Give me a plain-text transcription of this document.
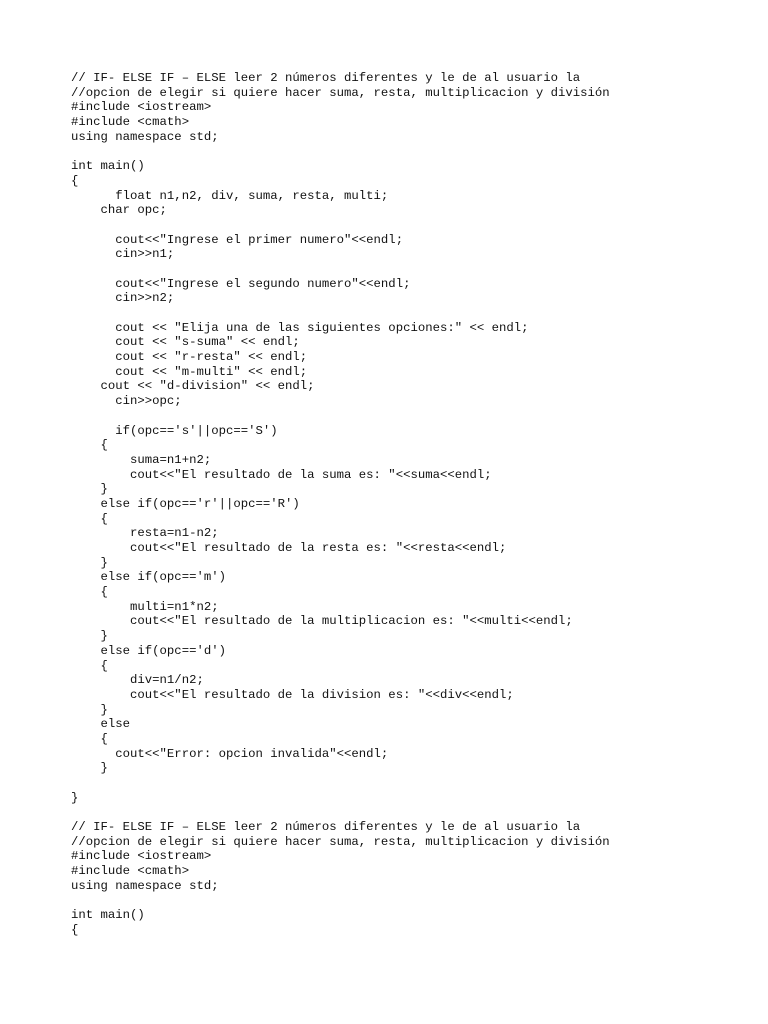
// IF- ELSE IF – ELSE leer 2 números diferentes y le de al usuario la
//opcion de elegir si quiere hacer suma, resta, multiplicacion y división
#include <iostream>
#include <cmath>
using namespace std;
int main()
{
float n1,n2, div, suma, resta, multi;
char opc;
cout<<"Ingrese el primer numero"<<endl;
cin>>n1;
cout<<"Ingrese el segundo numero"<<endl;
cin>>n2;
cout << "Elija una de las siguientes opciones:" << endl;
cout << "s-suma" << endl;
cout << "r-resta" << endl;
cout << "m-multi" << endl;
cout << "d-division" << endl;
cin>>opc;
if(opc=='s'||opc=='S')
{
suma=n1+n2;
cout<<"El resultado de la suma es: "<<suma<<endl;
}
else if(opc=='r'||opc=='R')
{
resta=n1-n2;
cout<<"El resultado de la resta es: "<<resta<<endl;
}
else if(opc=='m')
{
multi=n1*n2;
cout<<"El resultado de la multiplicacion es: "<<multi<<endl;
}
else if(opc=='d')
{
div=n1/n2;
cout<<"El resultado de la division es: "<<div<<endl;
}
else
{
cout<<"Error: opcion invalida"<<endl;
}
}
// IF- ELSE IF – ELSE leer 2 números diferentes y le de al usuario la
//opcion de elegir si quiere hacer suma, resta, multiplicacion y división
#include <iostream>
#include <cmath>
using namespace std;
int main()
{
